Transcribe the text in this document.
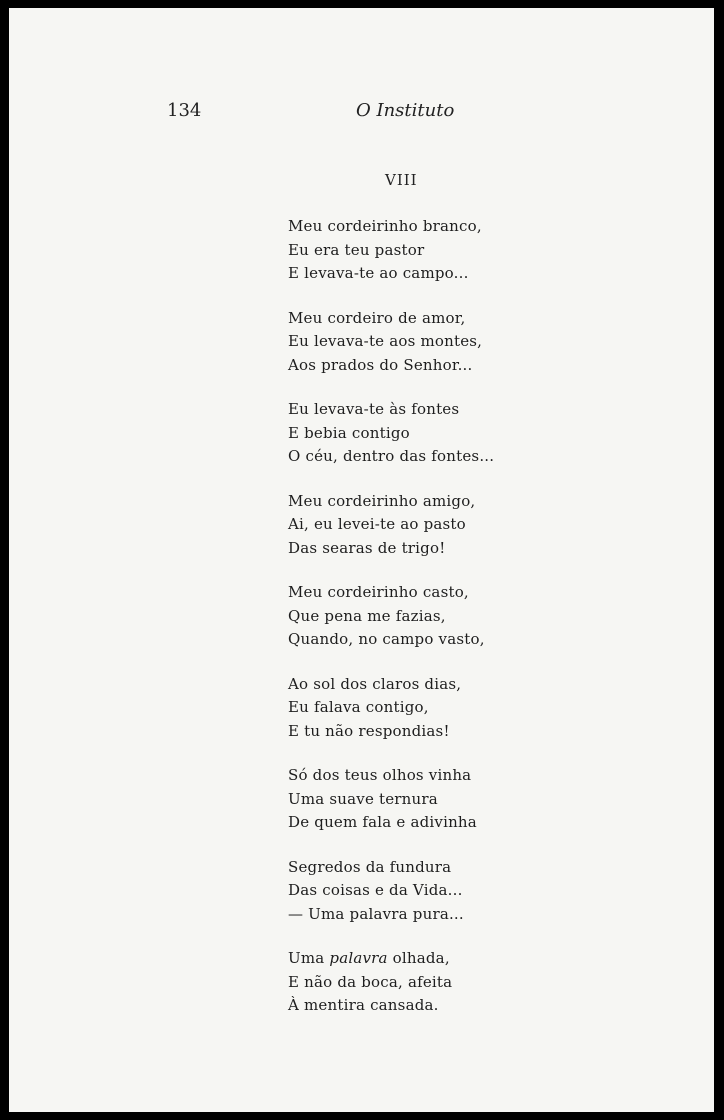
134	O Instituto
VIII
Meu cordeirinho branco,
Eu era teu pastor
E levava-te ao campo...
Meu cordeiro de amor,
Eu levava-te aos montes,
Aos prados do Senhor...
Eu levava-te às fontes
E bebia contigo
O céu, dentro das fontes...
Meu cordeirinho amigo,
Ai, eu levei-te ao pasto
Das searas de trigo!
Meu cordeirinho casto,
Que pena me fazias,
Quando, no campo vasto,
Ao sol dos claros dias,
Eu falava contigo,
E tu não respondias!
Só dos teus olhos vinha
Uma suave ternura
De quem fala e adivinha
Segredos da fundura
Das coisas e da Vida...
— Uma palavra pura...
Uma palavra olhada,
E não da boca, afeita
À mentira cansada.
